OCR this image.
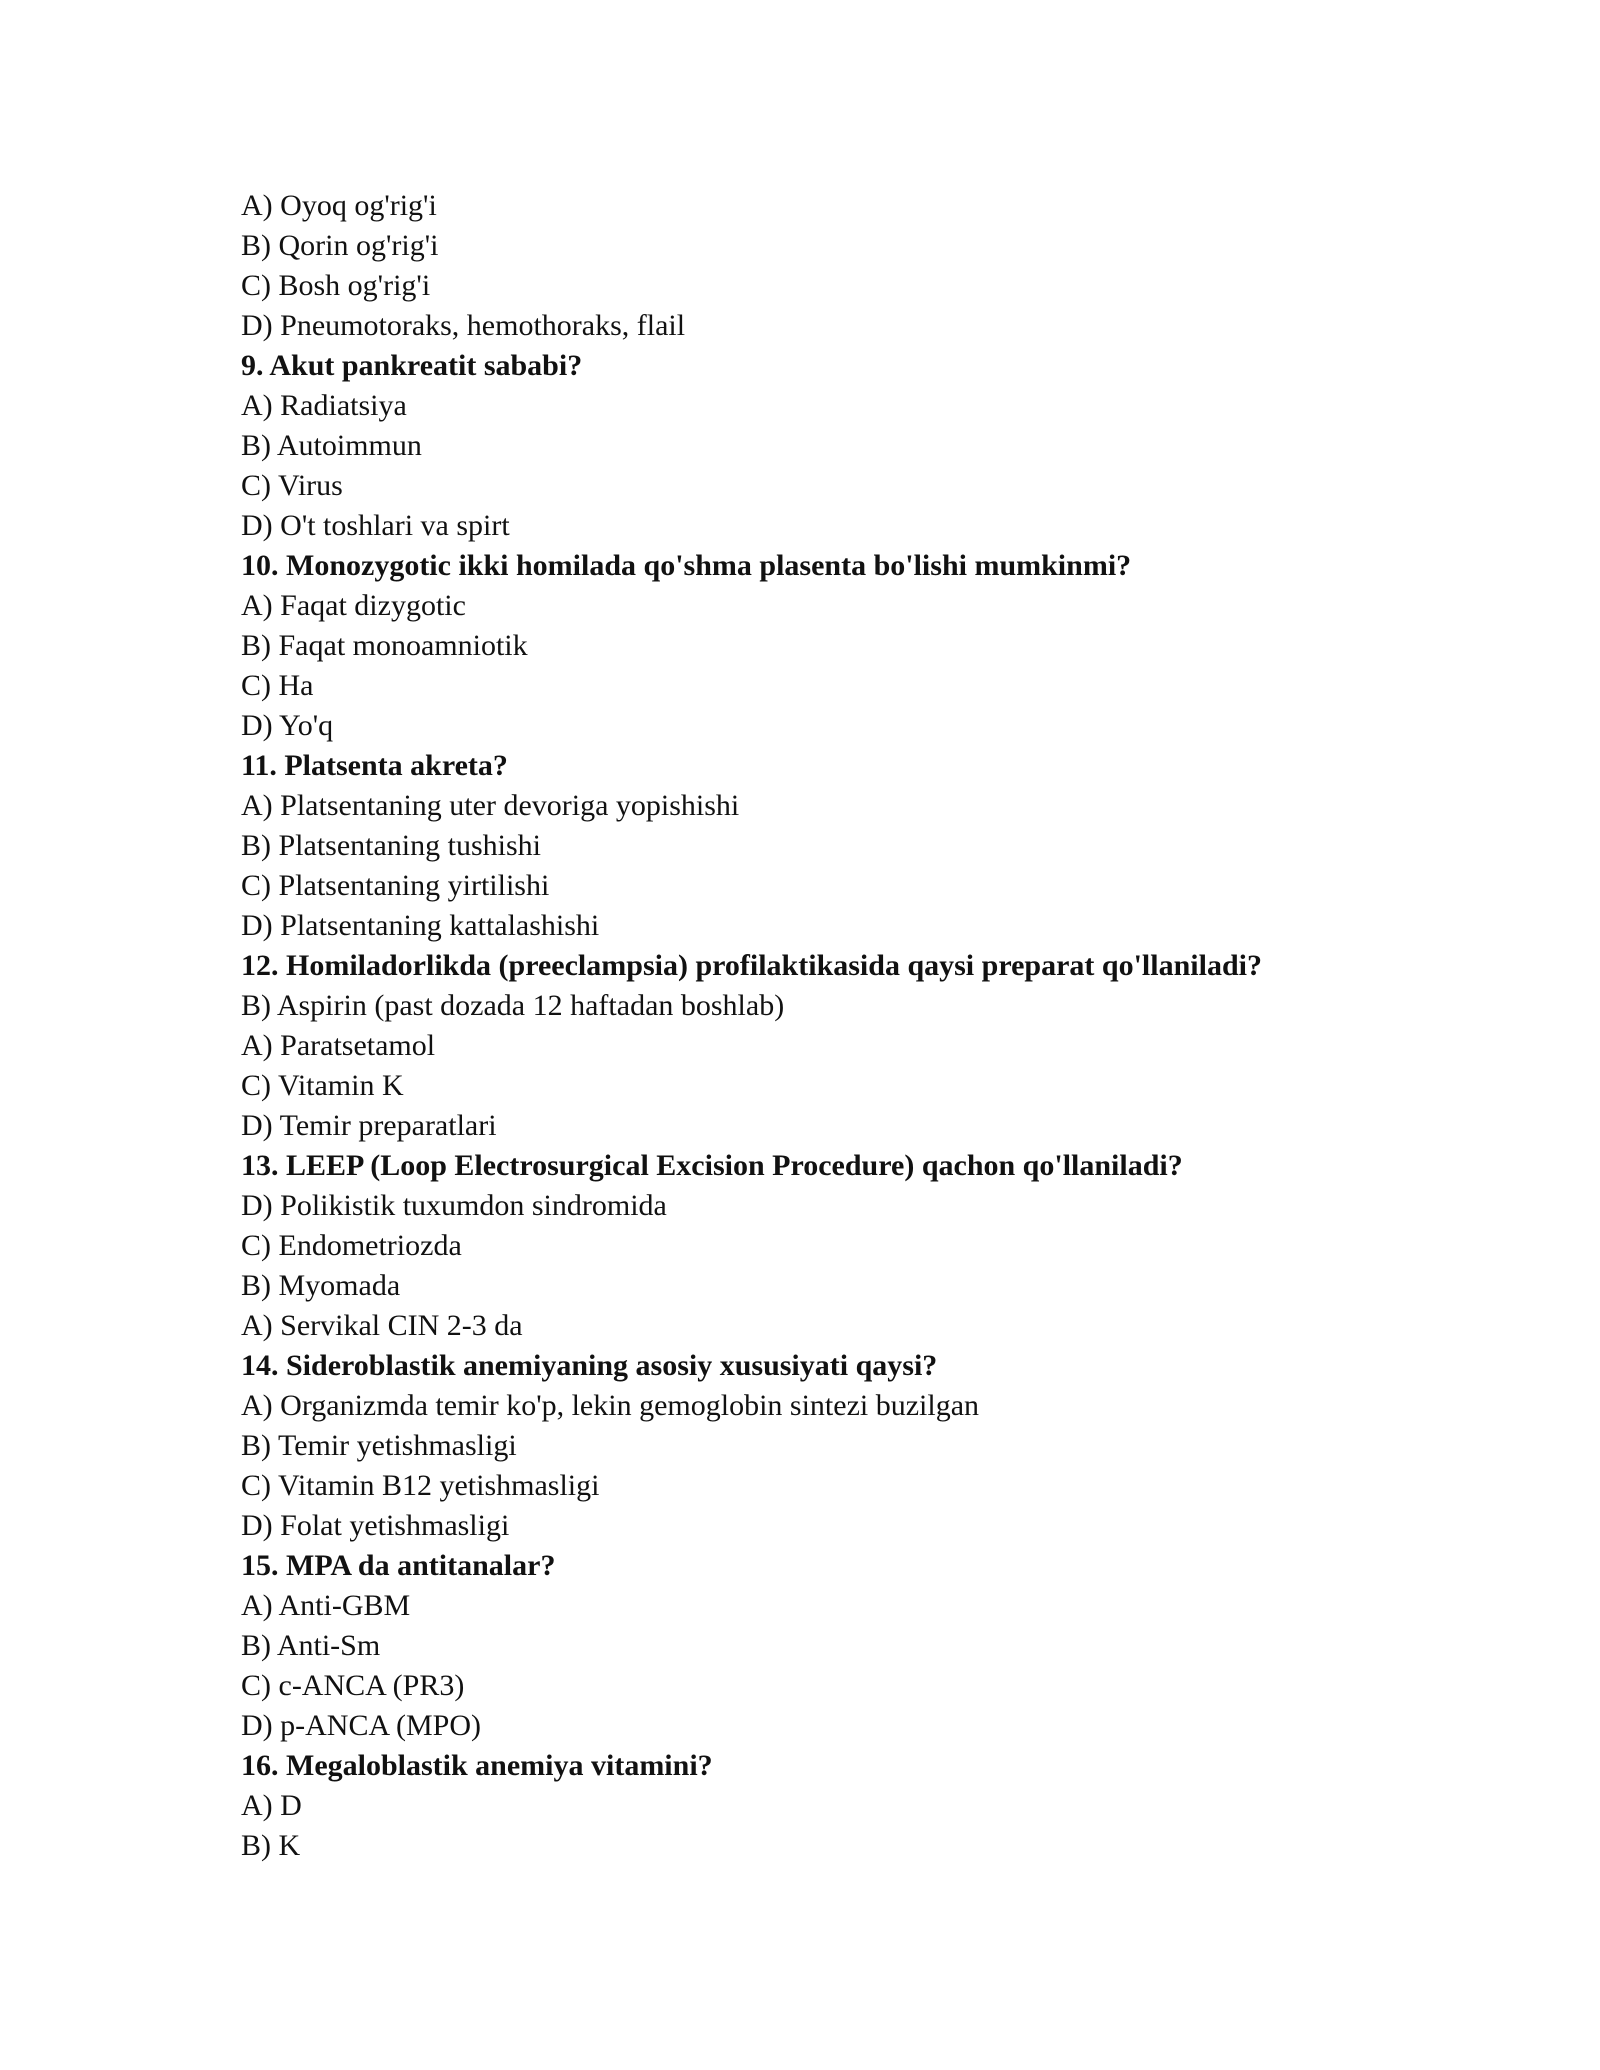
A) Oyoq og'rig'i
B) Qorin og'rig'i
C) Bosh og'rig'i
D) Pneumotoraks, hemothoraks, flail
9. Akut pankreatit sababi?
A) Radiatsiya
B) Autoimmun
C) Virus
D) O't toshlari va spirt
10. Monozygotic ikki homilada qo'shma plasenta bo'lishi mumkinmi?
A) Faqat dizygotic
B) Faqat monoamniotik
C) Ha
D) Yo'q
11. Platsenta akreta?
A) Platsentaning uter devoriga yopishishi
B) Platsentaning tushishi
C) Platsentaning yirtilishi
D) Platsentaning kattalashishi
12. Homiladorlikda (preeclampsia) profilaktikasida qaysi preparat qo'llaniladi?
B) Aspirin (past dozada 12 haftadan boshlab)
A) Paratsetamol
C) Vitamin K
D) Temir preparatlari
13. LEEP (Loop Electrosurgical Excision Procedure) qachon qo'llaniladi?
D) Polikistik tuxumdon sindromida
C) Endometriozda
B) Myomada
A) Servikal CIN 2-3 da
14. Sideroblastik anemiyaning asosiy xususiyati qaysi?
A) Organizmda temir ko'p, lekin gemoglobin sintezi buzilgan
B) Temir yetishmasligi
C) Vitamin B12 yetishmasligi
D) Folat yetishmasligi
15. MPA da antitanalar?
A) Anti-GBM
B) Anti-Sm
C) c-ANCA (PR3)
D) p-ANCA (MPO)
16. Megaloblastik anemiya vitamini?
A) D
B) K
